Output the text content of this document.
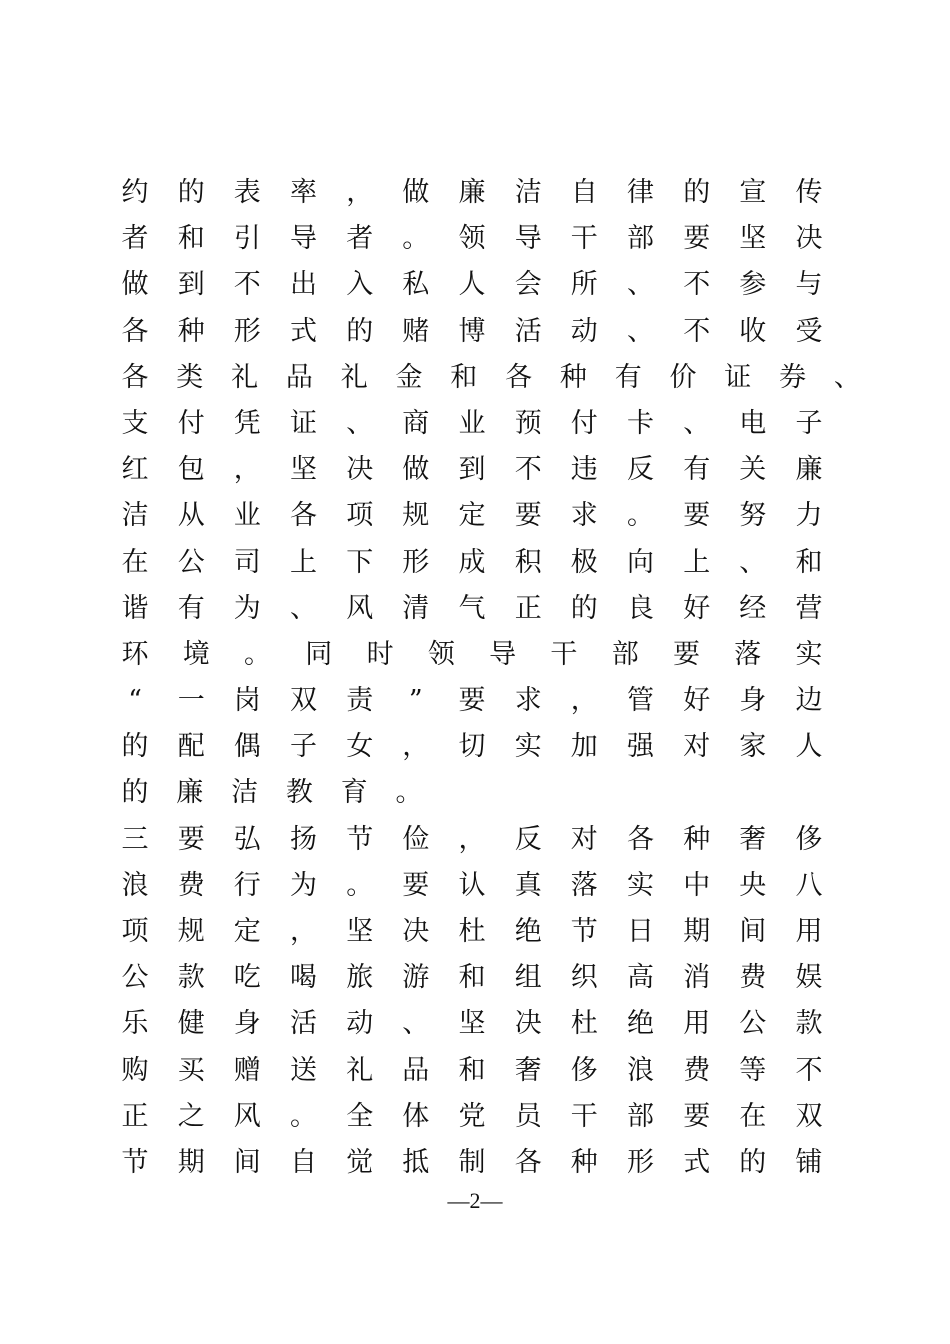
约	的	表	率	，	做	廉	洁	自	律	的	宣	传
者	和	引	导	者	。	领	导	干	部	要	坚	决
做	到	不	出	入	私	人	会	所	、	不	参	与
各	种	形	式	的	赌	博	活	动	、	不	收	受
各	类	礼	品	礼	金	和	各	种	有	价	证	券	、
支	付	凭	证	、	商	业	预	付	卡	、	电	子
红	包	，	坚	决	做	到	不	违	反	有	关	廉
洁	从	业	各	项	规	定	要	求	。	要	努	力
在	公	司	上	下	形	成	积	极	向	上	、	和
谐	有	为	、	风	清	气	正	的	良	好	经	营
环	境	。	同	时	领	导	干	部	要	落	实
“	一	岗	双	责	”	要	求	，	管	好	身	边
的	配	偶	子	女	，	切	实	加	强	对	家	人
的	廉	洁	教	育	。
三	要	弘	扬	节	俭	，	反	对	各	种	奢	侈
浪	费	行	为	。	要	认	真	落	实	中	央	八
项	规	定	，	坚	决	杜	绝	节	日	期	间	用
公	款	吃	喝	旅	游	和	组	织	高	消	费	娱
乐	健	身	活	动	、	坚	决	杜	绝	用	公	款
购	买	赠	送	礼	品	和	奢	侈	浪	费	等	不
正	之	风	。	全	体	党	员	干	部	要	在	双
节	期	间	自	觉	抵	制	各	种	形	式	的	铺
—2—
